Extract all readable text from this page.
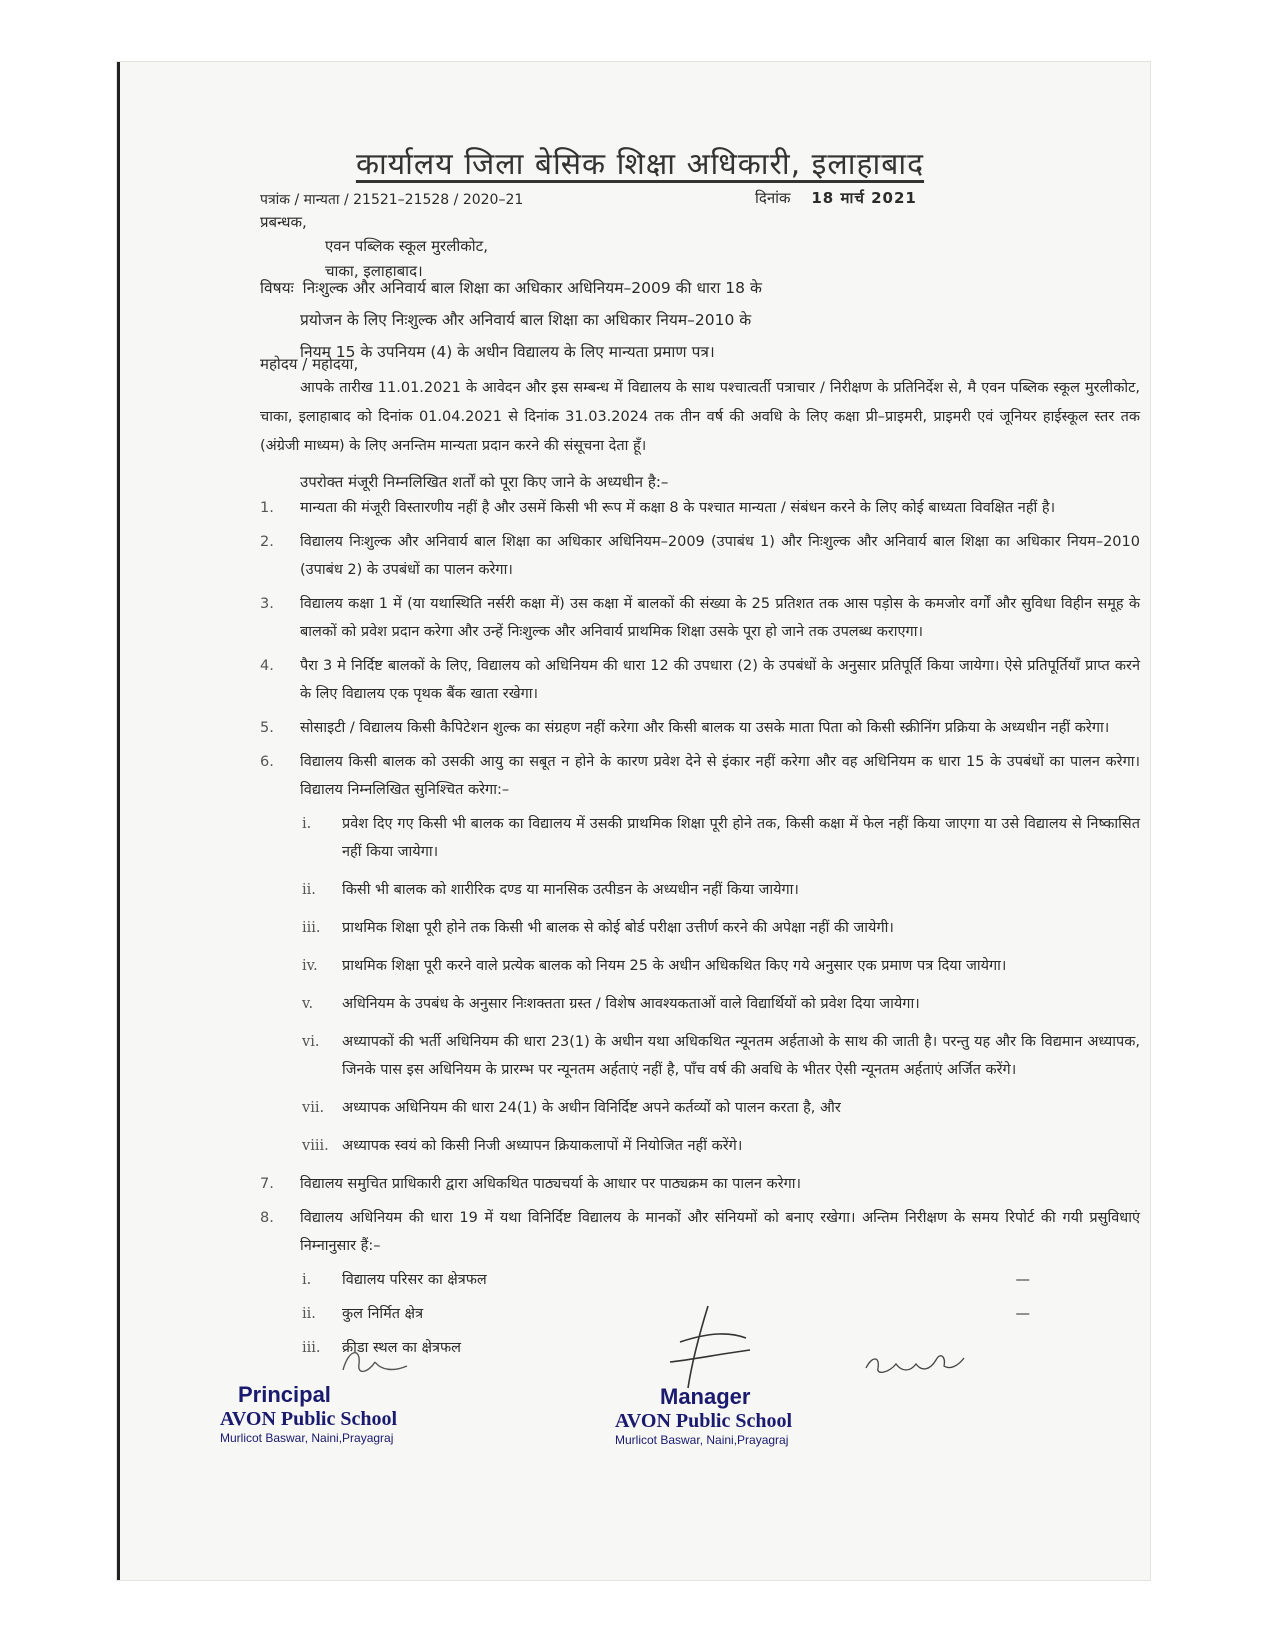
कार्यालय जिला बेसिक शिक्षा अधिकारी, इलाहाबाद
पत्रांक / मान्यता / 21521–21528 / 2020–21	दिनांक 18 मार्च 2021
प्रबन्धक,
एवन पब्लिक स्कूल मुरलीकोट,
चाका, इलाहाबाद।
विषयः निःशुल्क और अनिवार्य बाल शिक्षा का अधिकार अधिनियम–2009 की धारा 18 के
प्रयोजन के लिए निःशुल्क और अनिवार्य बाल शिक्षा का अधिकार नियम–2010 के
नियम 15 के उपनियम (4) के अधीन विद्यालय के लिए मान्यता प्रमाण पत्र।
महोदय / महोदया,
आपके तारीख 11.01.2021 के आवेदन और इस सम्बन्ध में विद्यालय के साथ पश्चात्वर्ती पत्राचार / निरीक्षण के प्रतिनिर्देश से, मै एवन पब्लिक स्कूल मुरलीकोट, चाका, इलाहाबाद को दिनांक 01.04.2021 से दिनांक 31.03.2024 तक तीन वर्ष की अवधि के लिए कक्षा प्री–प्राइमरी, प्राइमरी एवं जूनियर हाईस्कूल स्तर तक (अंग्रेजी माध्यम) के लिए अनन्तिम मान्यता प्रदान करने की संसूचना देता हूँ।
उपरोक्त मंजूरी निम्नलिखित शर्तों को पूरा किए जाने के अध्यधीन है:–
1. मान्यता की मंजूरी विस्तारणीय नहीं है और उसमें किसी भी रूप में कक्षा 8 के पश्चात मान्यता / संबंधन करने के लिए कोई बाध्यता विवक्षित नहीं है।
2. विद्यालय निःशुल्क और अनिवार्य बाल शिक्षा का अधिकार अधिनियम–2009 (उपाबंध 1) और निःशुल्क और अनिवार्य बाल शिक्षा का अधिकार नियम–2010 (उपाबंध 2) के उपबंधों का पालन करेगा।
3. विद्यालय कक्षा 1 में (या यथास्थिति नर्सरी कक्षा में) उस कक्षा में बालकों की संख्या के 25 प्रतिशत तक आस पड़ोस के कमजोर वर्गों और सुविधा विहीन समूह के बालकों को प्रवेश प्रदान करेगा और उन्हें निःशुल्क और अनिवार्य प्राथमिक शिक्षा उसके पूरा हो जाने तक उपलब्ध कराएगा।
4. पैरा 3 मे निर्दिष्ट बालकों के लिए, विद्यालय को अधिनियम की धारा 12 की उपधारा (2) के उपबंधों के अनुसार प्रतिपूर्ति किया जायेगा। ऐसे प्रतिपूर्तियाँ प्राप्त करने के लिए विद्यालय एक पृथक बैंक खाता रखेगा।
5. सोसाइटी / विद्यालय किसी कैपिटेशन शुल्क का संग्रहण नहीं करेगा और किसी बालक या उसके माता पिता को किसी स्क्रीनिंग प्रक्रिया के अध्यधीन नहीं करेगा।
6. विद्यालय किसी बालक को उसकी आयु का सबूत न होने के कारण प्रवेश देने से इंकार नहीं करेगा और वह अधिनियम क धारा 15 के उपबंधों का पालन करेगा। विद्यालय निम्नलिखित सुनिश्चित करेगा:–
i. प्रवेश दिए गए किसी भी बालक का विद्यालय में उसकी प्राथमिक शिक्षा पूरी होने तक, किसी कक्षा में फेल नहीं किया जाएगा या उसे विद्यालय से निष्कासित नहीं किया जायेगा।
ii. किसी भी बालक को शारीरिक दण्ड या मानसिक उत्पीडन के अध्यधीन नहीं किया जायेगा।
iii. प्राथमिक शिक्षा पूरी होने तक किसी भी बालक से कोई बोर्ड परीक्षा उत्तीर्ण करने की अपेक्षा नहीं की जायेगी।
iv. प्राथमिक शिक्षा पूरी करने वाले प्रत्येक बालक को नियम 25 के अधीन अधिकथित किए गये अनुसार एक प्रमाण पत्र दिया जायेगा।
v. अधिनियम के उपबंध के अनुसार निःशक्तता ग्रस्त / विशेष आवश्यकताओं वाले विद्यार्थियों को प्रवेश दिया जायेगा।
vi. अध्यापकों की भर्ती अधिनियम की धारा 23(1) के अधीन यथा अधिकथित न्यूनतम अर्हताओ के साथ की जाती है। परन्तु यह और कि विद्यमान अध्यापक, जिनके पास इस अधिनियम के प्रारम्भ पर न्यूनतम अर्हताएं नहीं है, पाँच वर्ष की अवधि के भीतर ऐसी न्यूनतम अर्हताएं अर्जित करेंगे।
vii. अध्यापक अधिनियम की धारा 24(1) के अधीन विनिर्दिष्ट अपने कर्तव्यों को पालन करता है, और
viii. अध्यापक स्वयं को किसी निजी अध्यापन क्रियाकलापों में नियोजित नहीं करेंगे।
7. विद्यालय समुचित प्राधिकारी द्वारा अधिकथित पाठ्यचर्या के आधार पर पाठ्यक्रम का पालन करेगा।
8. विद्यालय अधिनियम की धारा 19 में यथा विनिर्दिष्ट विद्यालय के मानकों और संनियमों को बनाए रखेगा। अन्तिम निरीक्षण के समय रिपोर्ट की गयी प्रसुविधाएं निम्नानुसार हैं:–
i. विद्यालय परिसर का क्षेत्रफल	—
ii. कुल निर्मित क्षेत्र	—
iii. क्रीडा स्थल का क्षेत्रफल
Principal
AVON Public School
Murlicot Baswar, Naini,Prayagraj
Manager
AVON Public School
Murlicot Baswar, Naini,Prayagraj
